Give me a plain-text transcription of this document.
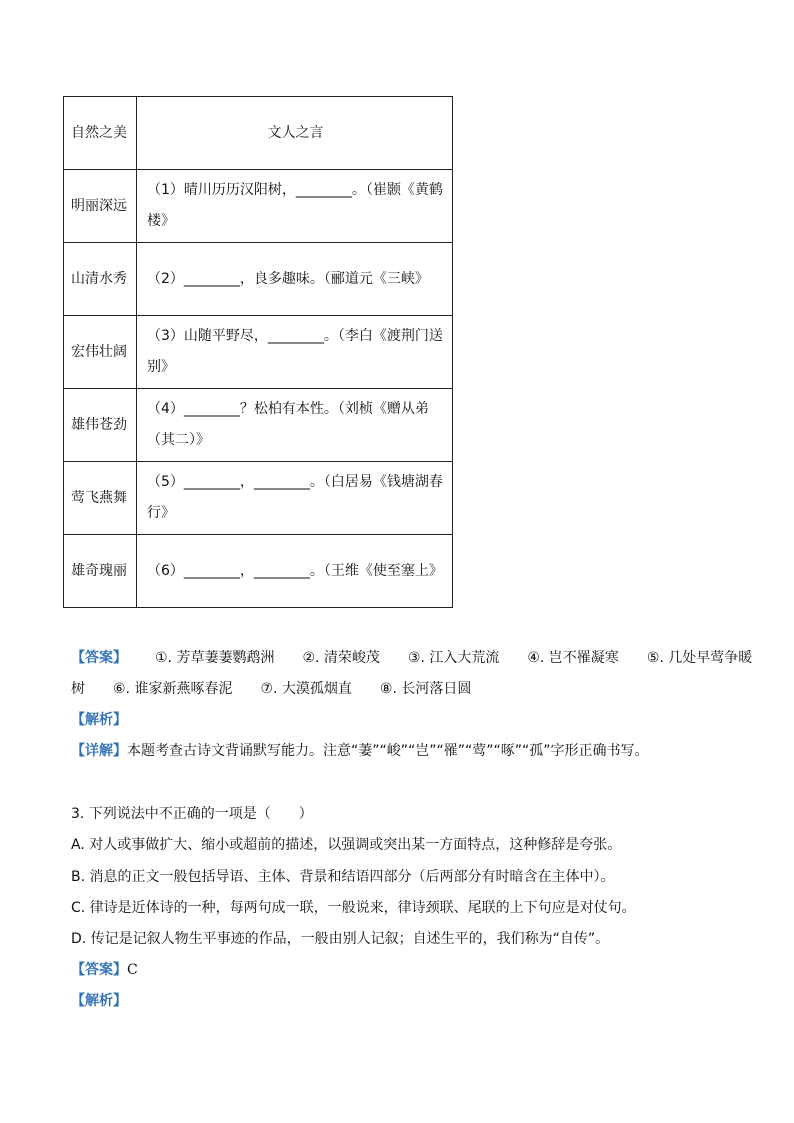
自然之美	文人之言
明丽深远	（1）晴川历历汉阳树，________。（崔颢《黄鹤楼》
山清水秀	（2）________，良多趣味。（郦道元《三峡》
宏伟壮阔	（3）山随平野尽，________。（李白《渡荆门送别》
雄伟苍劲	（4）________？松柏有本性。（刘桢《赠从弟（其二）》
莺飞燕舞	（5）________，________。（白居易《钱塘湖春行》
雄奇瑰丽	（6）________，________。（王维《使至塞上》
【答案】 ①. 芳草萋萋鹦鹉洲 ②. 清荣峻茂 ③. 江入大荒流 ④. 岂不罹凝寒 ⑤. 几处早莺争暖树 ⑥. 谁家新燕啄春泥 ⑦. 大漠孤烟直 ⑧. 长河落日圆
【解析】
【详解】本题考查古诗文背诵默写能力。注意“萋”“峻”“岂”“罹”“莺”“啄”“孤”字形正确书写。
3. 下列说法中不正确的一项是（　　）
A. 对人或事做扩大、缩小或超前的描述，以强调或突出某一方面特点，这种修辞是夸张。
B. 消息的正文一般包括导语、主体、背景和结语四部分（后两部分有时暗含在主体中）。
C. 律诗是近体诗的一种，每两句成一联，一般说来，律诗颈联、尾联的上下句应是对仗句。
D. 传记是记叙人物生平事迹的作品，一般由别人记叙；自述生平的，我们称为“自传”。
【答案】C
【解析】
